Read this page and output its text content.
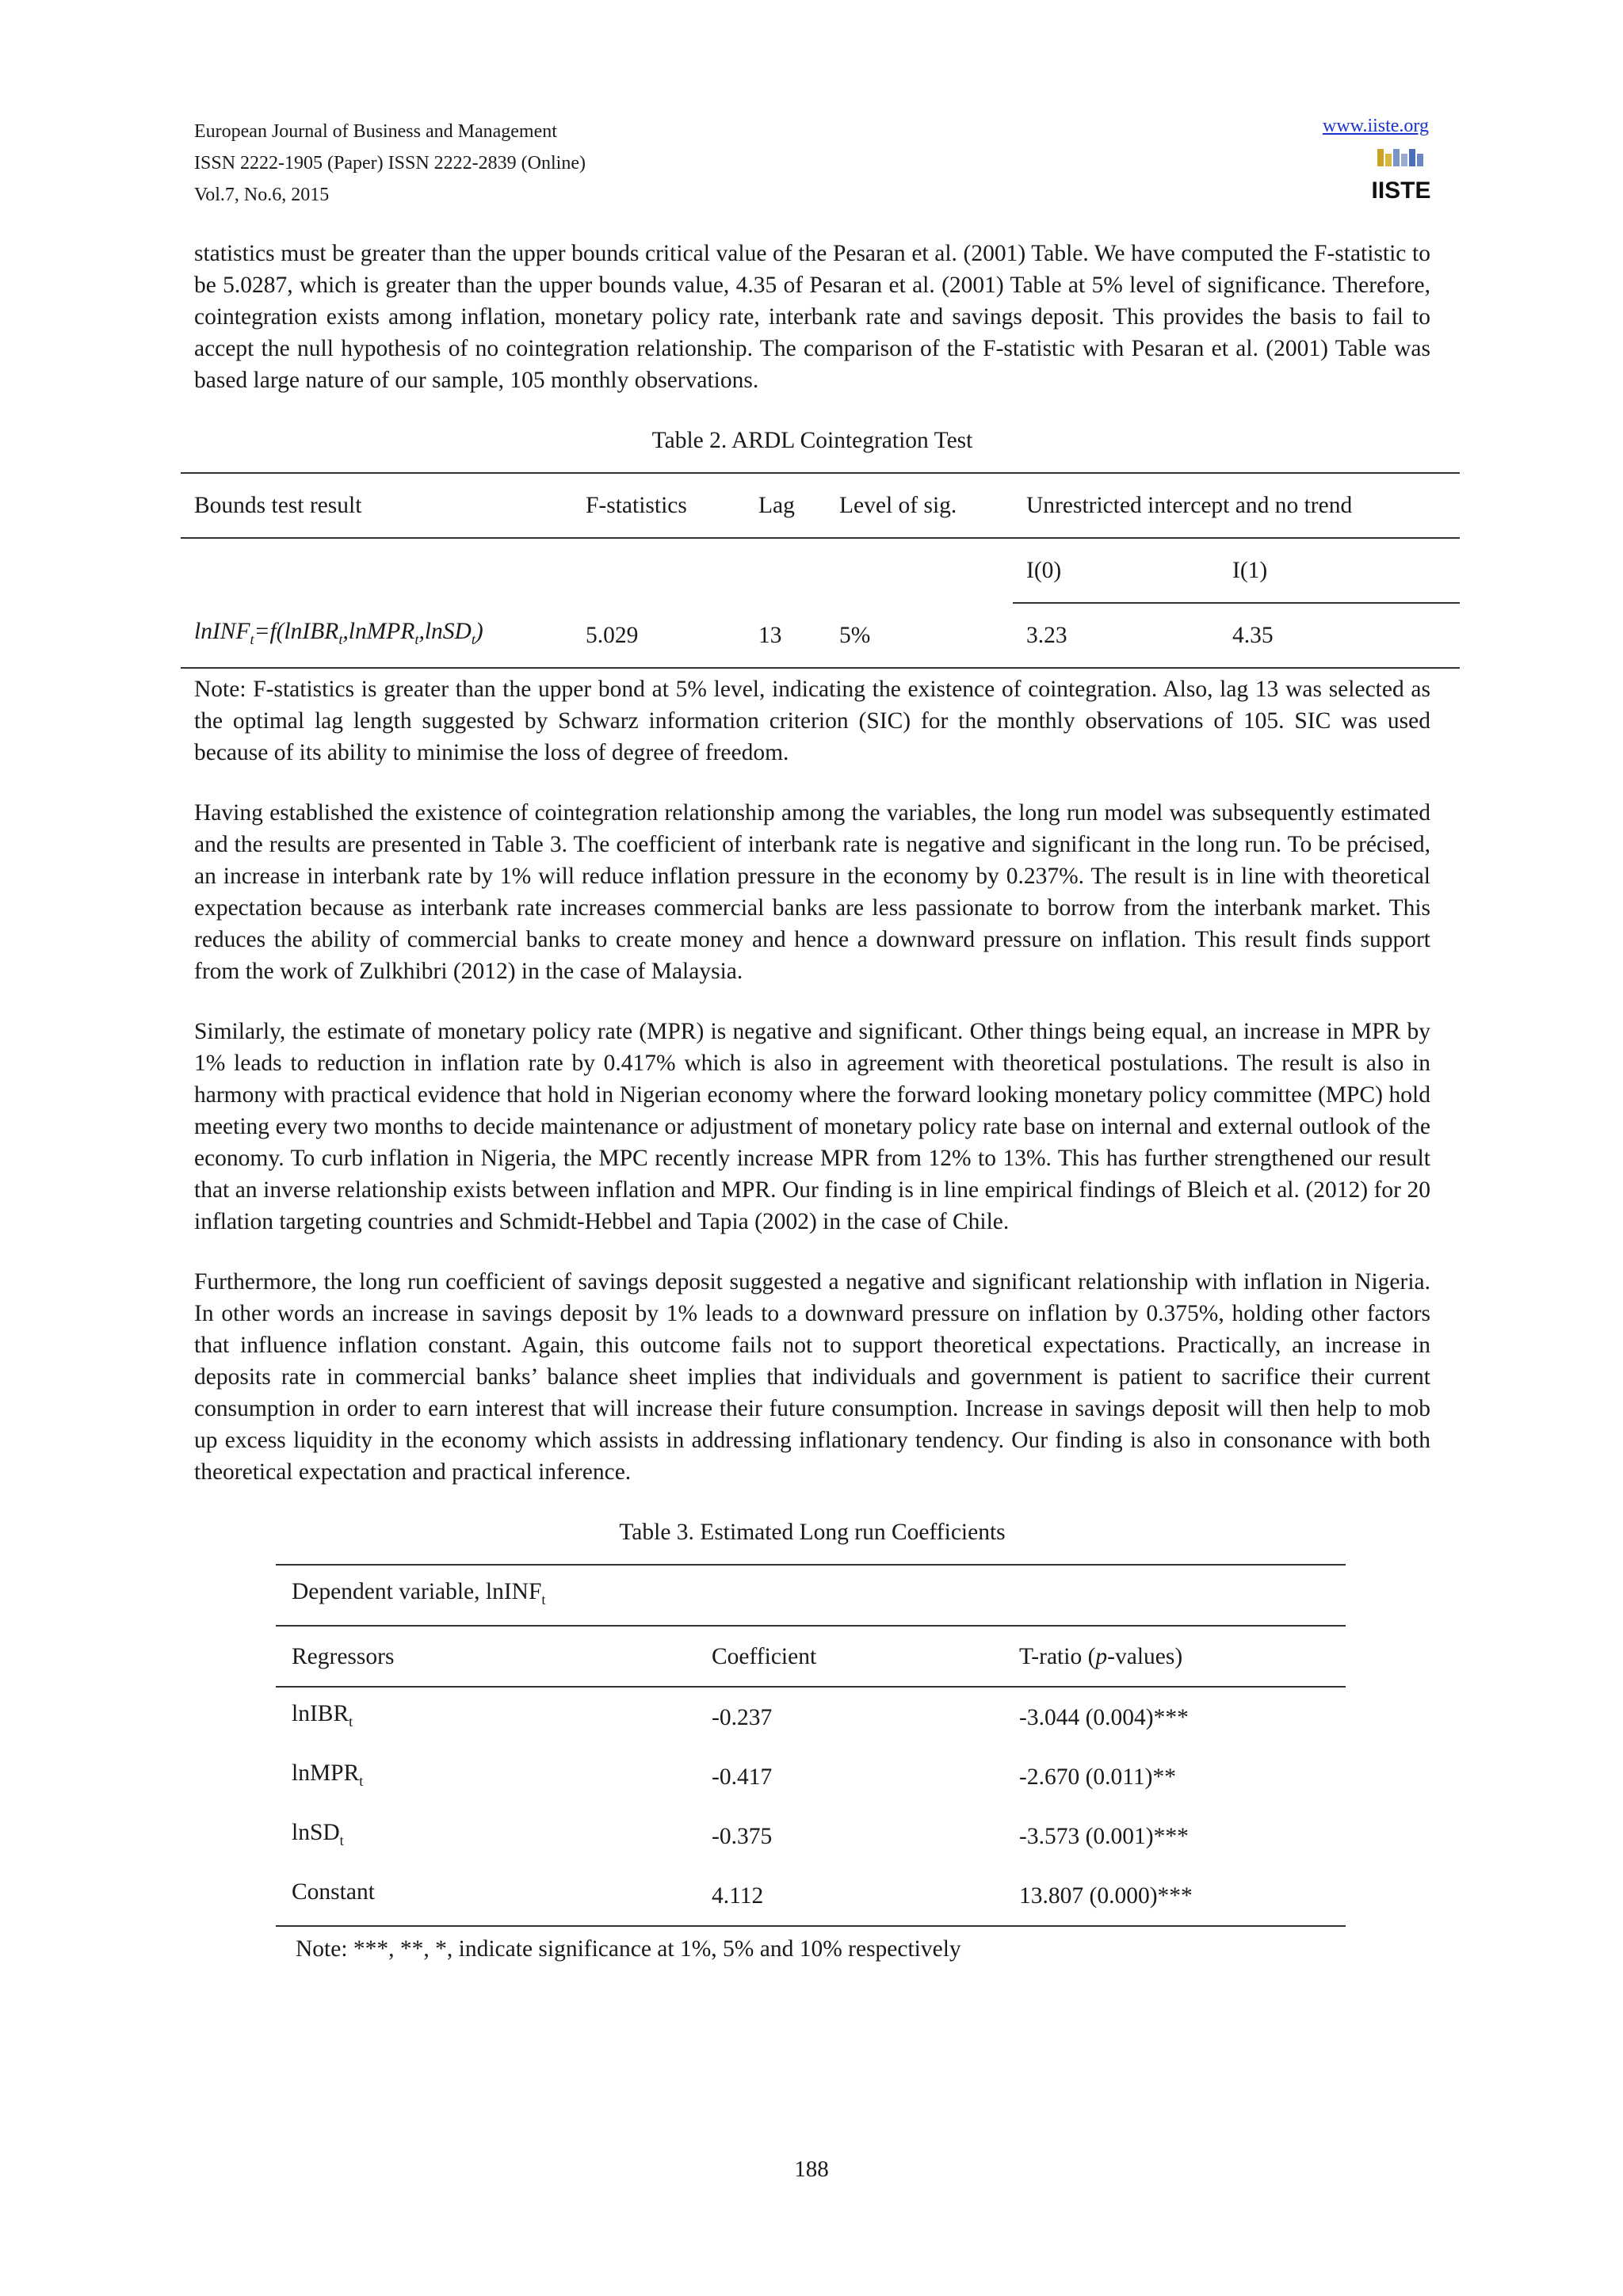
European Journal of Business and Management
ISSN 2222-1905 (Paper) ISSN 2222-2839 (Online)
Vol.7, No.6, 2015
www.iiste.org
IISTE

statistics must be greater than the upper bounds critical value of the Pesaran et al. (2001) Table. We have computed the F-statistic to be 5.0287, which is greater than the upper bounds value, 4.35 of Pesaran et al. (2001) Table at 5% level of significance. Therefore, cointegration exists among inflation, monetary policy rate, interbank rate and savings deposit. This provides the basis to fail to accept the null hypothesis of no cointegration relationship. The comparison of the F-statistic with Pesaran et al. (2001) Table was based large nature of our sample, 105 monthly observations.

Table 2. ARDL Cointegration Test
Bounds test result	F-statistics	Lag	Level of sig.	Unrestricted intercept and no trend	
				I(0)	I(1)
lnINF$_t$=f(lnIBR$_t$,lnMPR$_t$,lnSD$_t$)	5.029	13	5%	3.23	4.35

Note: F-statistics is greater than the upper bond at 5% level, indicating the existence of cointegration. Also, lag 13 was selected as the optimal lag length suggested by Schwarz information criterion (SIC) for the monthly observations of 105. SIC was used because of its ability to minimise the loss of degree of freedom.

Having established the existence of cointegration relationship among the variables, the long run model was subsequently estimated and the results are presented in Table 3. The coefficient of interbank rate is negative and significant in the long run. To be précised, an increase in interbank rate by 1% will reduce inflation pressure in the economy by 0.237%. The result is in line with theoretical expectation because as interbank rate increases commercial banks are less passionate to borrow from the interbank market. This reduces the ability of commercial banks to create money and hence a downward pressure on inflation. This result finds support from the work of Zulkhibri (2012) in the case of Malaysia.

Similarly, the estimate of monetary policy rate (MPR) is negative and significant. Other things being equal, an increase in MPR by 1% leads to reduction in inflation rate by 0.417% which is also in agreement with theoretical postulations. The result is also in harmony with practical evidence that hold in Nigerian economy where the forward looking monetary policy committee (MPC) hold meeting every two months to decide maintenance or adjustment of monetary policy rate base on internal and external outlook of the economy. To curb inflation in Nigeria, the MPC recently increase MPR from 12% to 13%. This has further strengthened our result that an inverse relationship exists between inflation and MPR. Our finding is in line empirical findings of Bleich et al. (2012) for 20 inflation targeting countries and Schmidt-Hebbel and Tapia (2002) in the case of Chile.

Furthermore, the long run coefficient of savings deposit suggested a negative and significant relationship with inflation in Nigeria. In other words an increase in savings deposit by 1% leads to a downward pressure on inflation by 0.375%, holding other factors that influence inflation constant. Again, this outcome fails not to support theoretical expectations. Practically, an increase in deposits rate in commercial banks’ balance sheet implies that individuals and government is patient to sacrifice their current consumption in order to earn interest that will increase their future consumption. Increase in savings deposit will then help to mob up excess liquidity in the economy which assists in addressing inflationary tendency. Our finding is also in consonance with both theoretical expectation and practical inference.

Table 3. Estimated Long run Coefficients
Dependent variable, lnINF$_t$
Regressors	Coefficient	T-ratio (p-values)
lnIBR$_t$	-0.237	-3.044 (0.004)***
lnMPR$_t$	-0.417	-2.670 (0.011)**
lnSD$_t$	-0.375	-3.573 (0.001)***
Constant	4.112	13.807 (0.000)***
Note: ***, **, *, indicate significance at 1%, 5% and 10% respectively
188
